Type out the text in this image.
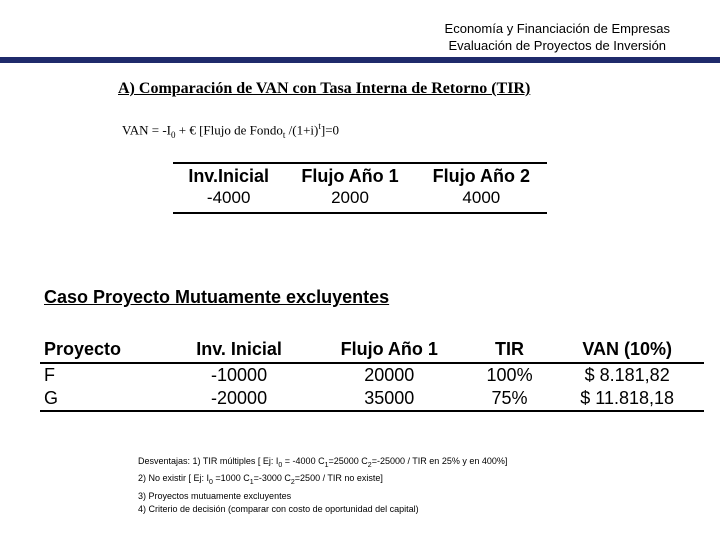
Economía y Financiación de Empresas
Evaluación de Proyectos de Inversión
A) Comparación de VAN con Tasa Interna de Retorno (TIR)
VAN = $-I_0$ + € [Flujo de Fondo$_t$ $/(1+i)^t]=0$
Inv.Inicial	Flujo Año 1	Flujo Año 2
-4000	2000	4000
Caso Proyecto Mutuamente excluyentes
Proyecto	Inv. Inicial	Flujo Año 1	TIR	VAN (10%)
F	-10000	20000	100%	$ 8.181,82
G	-20000	35000	75%	$ 11.818,18
Desventajas: 1) TIR múltiples [ Ej: $I_0 = -4000$ $C_1=25000$ $C_2=-25000$ / TIR en 25% y en 400%]
2) No existir [ Ej: $I_0 =1000$ $C_1=-3000$ $C_2=2500$ / TIR no existe]
3) Proyectos mutuamente excluyentes
4) Criterio de decisión (comparar con costo de oportunidad del capital)
